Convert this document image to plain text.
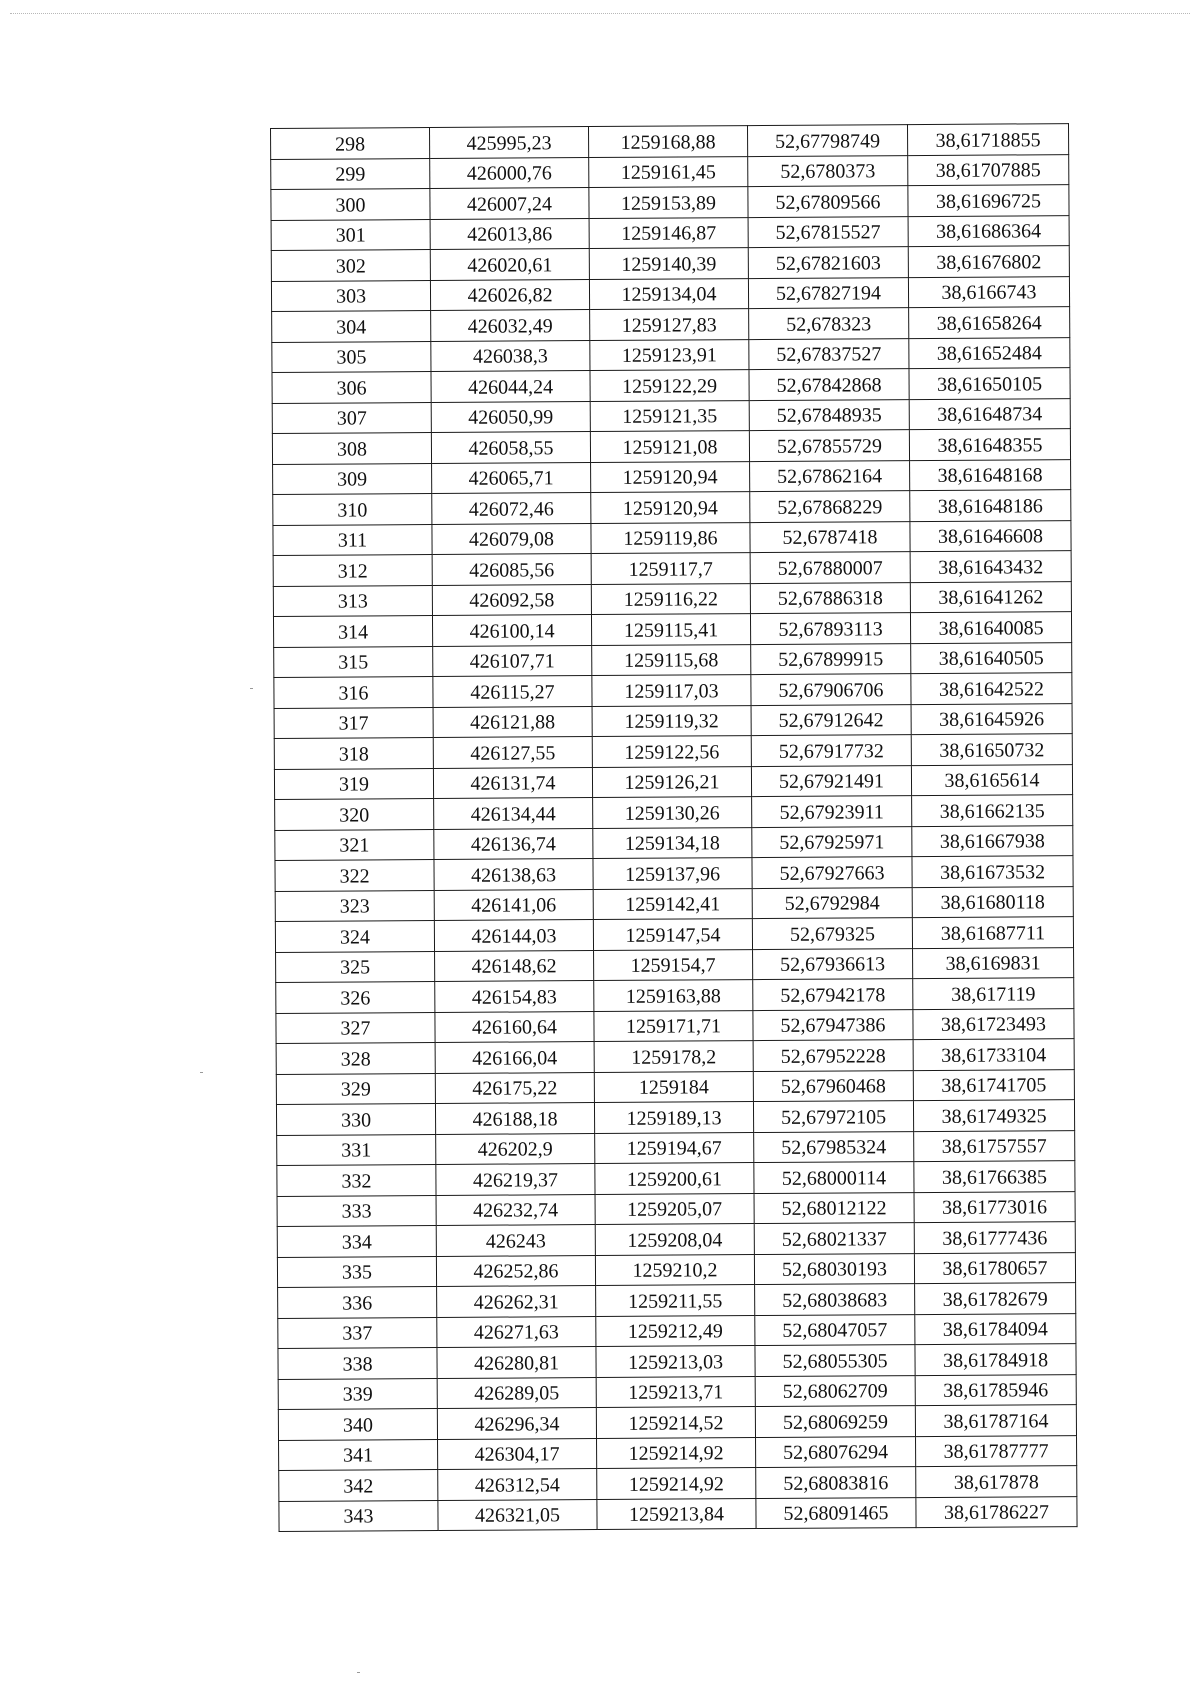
298	425995,23	1259168,88	52,67798749	38,61718855
299	426000,76	1259161,45	52,6780373	38,61707885
300	426007,24	1259153,89	52,67809566	38,61696725
301	426013,86	1259146,87	52,67815527	38,61686364
302	426020,61	1259140,39	52,67821603	38,61676802
303	426026,82	1259134,04	52,67827194	38,6166743
304	426032,49	1259127,83	52,678323	38,61658264
305	426038,3	1259123,91	52,67837527	38,61652484
306	426044,24	1259122,29	52,67842868	38,61650105
307	426050,99	1259121,35	52,67848935	38,61648734
308	426058,55	1259121,08	52,67855729	38,61648355
309	426065,71	1259120,94	52,67862164	38,61648168
310	426072,46	1259120,94	52,67868229	38,61648186
311	426079,08	1259119,86	52,6787418	38,61646608
312	426085,56	1259117,7	52,67880007	38,61643432
313	426092,58	1259116,22	52,67886318	38,61641262
314	426100,14	1259115,41	52,67893113	38,61640085
315	426107,71	1259115,68	52,67899915	38,61640505
316	426115,27	1259117,03	52,67906706	38,61642522
317	426121,88	1259119,32	52,67912642	38,61645926
318	426127,55	1259122,56	52,67917732	38,61650732
319	426131,74	1259126,21	52,67921491	38,6165614
320	426134,44	1259130,26	52,67923911	38,61662135
321	426136,74	1259134,18	52,67925971	38,61667938
322	426138,63	1259137,96	52,67927663	38,61673532
323	426141,06	1259142,41	52,6792984	38,61680118
324	426144,03	1259147,54	52,679325	38,61687711
325	426148,62	1259154,7	52,67936613	38,6169831
326	426154,83	1259163,88	52,67942178	38,617119
327	426160,64	1259171,71	52,67947386	38,61723493
328	426166,04	1259178,2	52,67952228	38,61733104
329	426175,22	1259184	52,67960468	38,61741705
330	426188,18	1259189,13	52,67972105	38,61749325
331	426202,9	1259194,67	52,67985324	38,61757557
332	426219,37	1259200,61	52,68000114	38,61766385
333	426232,74	1259205,07	52,68012122	38,61773016
334	426243	1259208,04	52,68021337	38,61777436
335	426252,86	1259210,2	52,68030193	38,61780657
336	426262,31	1259211,55	52,68038683	38,61782679
337	426271,63	1259212,49	52,68047057	38,61784094
338	426280,81	1259213,03	52,68055305	38,61784918
339	426289,05	1259213,71	52,68062709	38,61785946
340	426296,34	1259214,52	52,68069259	38,61787164
341	426304,17	1259214,92	52,68076294	38,61787777
342	426312,54	1259214,92	52,68083816	38,617878
343	426321,05	1259213,84	52,68091465	38,61786227
